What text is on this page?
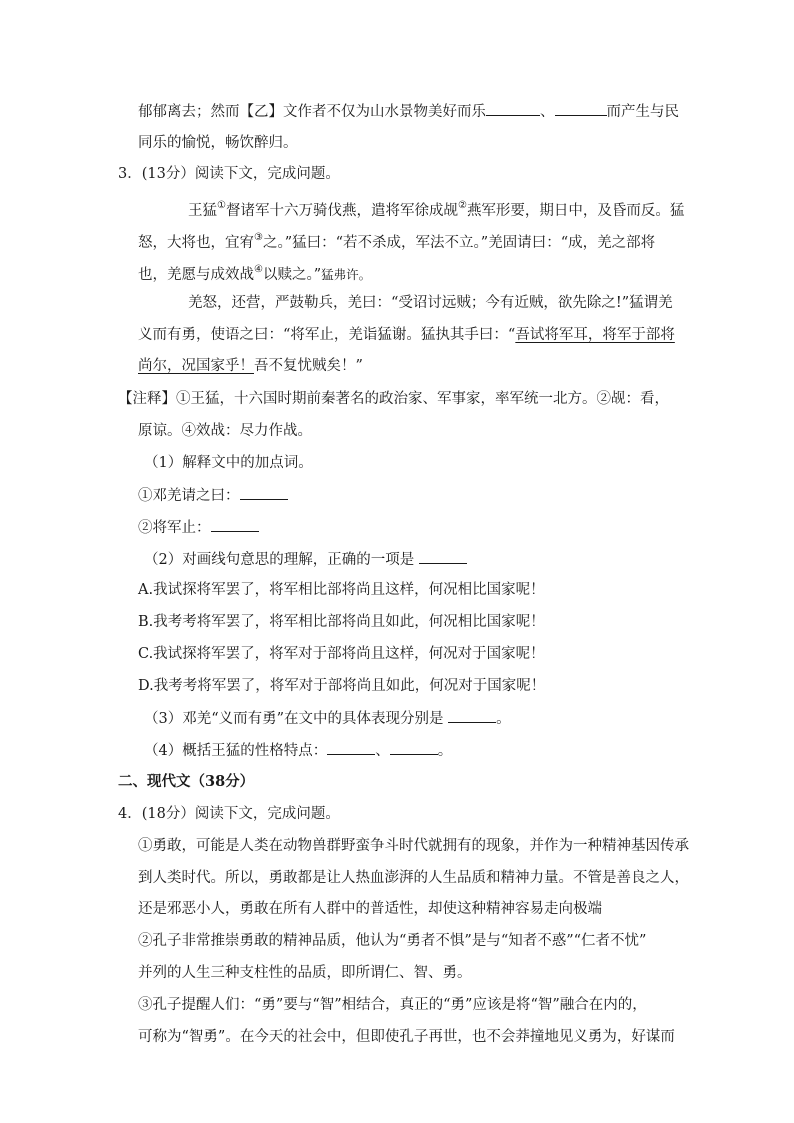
郁郁离去；然而【乙】文作者不仅为山水景物美好而乐	、	而产生与民
同乐的愉悦，畅饮醉归。
3．(13分）阅读下文，完成问题。
王猛①督诸军十六万骑伐燕，遣将军徐成觇②燕军形要，期日中，及昏而反。猛
怒，大将也，宜宥③之。”猛曰：“若不杀成，军法不立。”羌固请曰：“成，羌之部将
也，羌愿与成效战④以赎之。”猛弗许。
羌怒，还营，严鼓勒兵，羌曰：“受诏讨远贼；今有近贼，欲先除之!”猛谓羌
义而有勇，使语之曰：“将军止，羌诣猛谢。猛执其手曰：“吾试将军耳，将军于部将
尚尔，况国家乎！吾不复忧贼矣！”
【注释】①王猛，十六国时期前秦著名的政治家、军事家，率军统一北方。②觇：看，
原谅。④效战：尽力作战。
（1）解释文中的加点词。
①邓羌请之曰：
②将军止：
（2）对画线句意思的理解，正确的一项是
A.我试探将军罢了，将军相比部将尚且这样，何况相比国家呢！
B.我考考将军罢了，将军相比部将尚且如此，何况相比国家呢！
C.我试探将军罢了，将军对于部将尚且这样，何况对于国家呢！
D.我考考将军罢了，将军对于部将尚且如此，何况对于国家呢！
（3）邓羌“义而有勇”在文中的具体表现分别是	。
（4）概括王猛的性格特点：	、	。
二、现代文（38分）
4．(18分）阅读下文，完成问题。
①勇敢，可能是人类在动物兽群野蛮争斗时代就拥有的现象，并作为一种精神基因传承
到人类时代。所以，勇敢都是让人热血澎湃的人生品质和精神力量。不管是善良之人，
还是邪恶小人，勇敢在所有人群中的普适性，却使这种精神容易走向极端
②孔子非常推崇勇敢的精神品质，他认为“勇者不惧”是与“知者不惑”“仁者不忧”
并列的人生三种支柱性的品质，即所谓仁、智、勇。
③孔子提醒人们：“勇”要与“智”相结合，真正的“勇”应该是将“智”融合在内的，
可称为“智勇”。在今天的社会中，但即使孔子再世，也不会莽撞地见义勇为，好谋而
